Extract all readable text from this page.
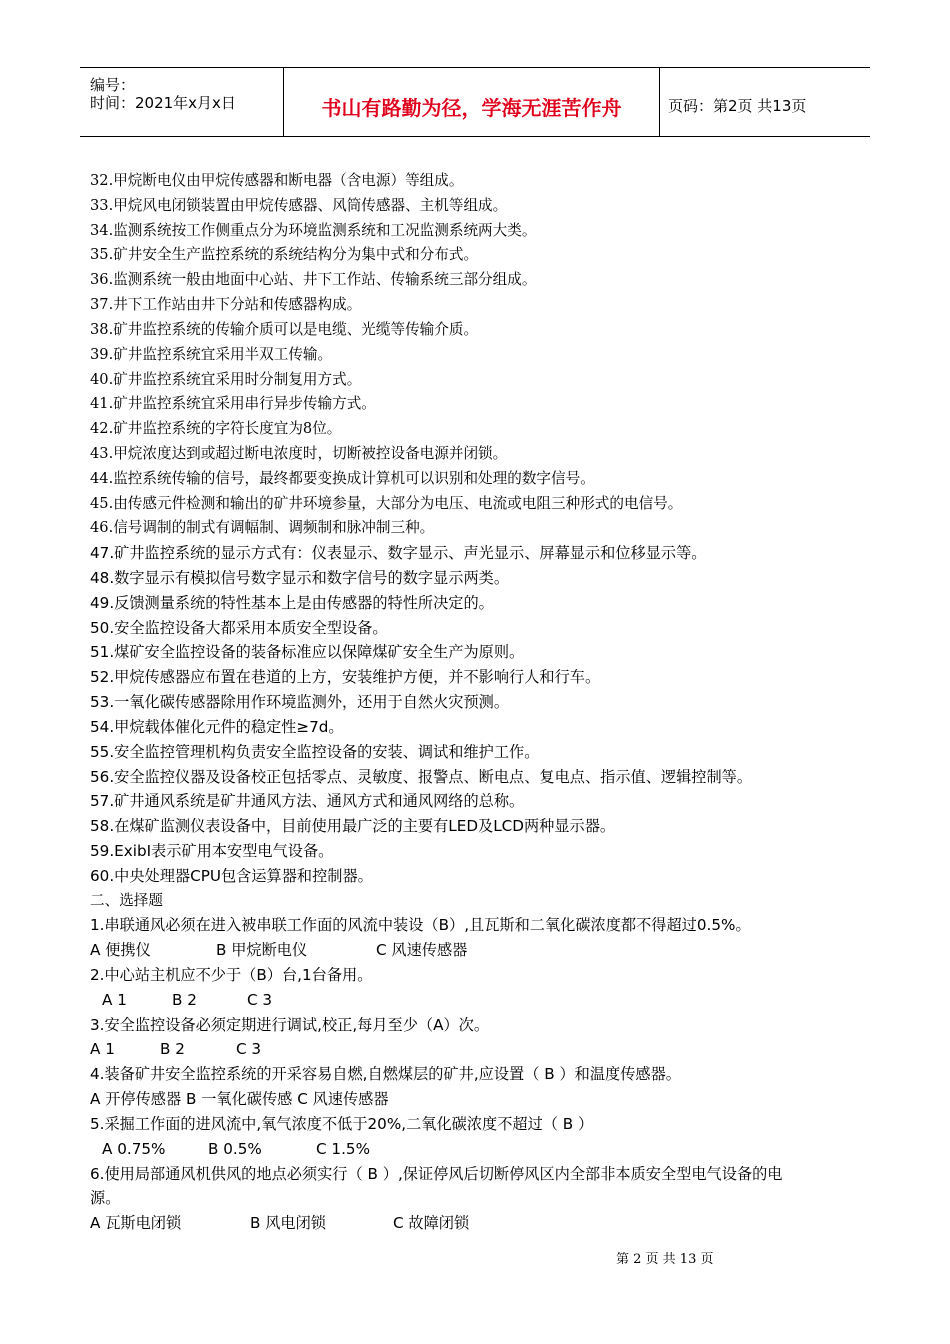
编号：
时间：2021年x月x日	书山有路勤为径，学海无涯苦作舟	页码：第2页 共13页
32.甲烷断电仪由甲烷传感器和断电器（含电源）等组成。
33.甲烷风电闭锁装置由甲烷传感器、风筒传感器、主机等组成。
34.监测系统按工作侧重点分为环境监测系统和工况监测系统两大类。
35.矿井安全生产监控系统的系统结构分为集中式和分布式。
36.监测系统一般由地面中心站、井下工作站、传输系统三部分组成。
37.井下工作站由井下分站和传感器构成。
38.矿井监控系统的传输介质可以是电缆、光缆等传输介质。
39.矿井监控系统宜采用半双工传输。
40.矿井监控系统宜采用时分制复用方式。
41.矿井监控系统宜采用串行异步传输方式。
42.矿井监控系统的字符长度宜为8位。
43.甲烷浓度达到或超过断电浓度时，切断被控设备电源并闭锁。
44.监控系统传输的信号，最终都要变换成计算机可以识别和处理的数字信号。
45.由传感元件检测和输出的矿井环境参量，大部分为电压、电流或电阻三种形式的电信号。
46.信号调制的制式有调幅制、调频制和脉冲制三种。
47.矿井监控系统的显示方式有：仪表显示、数字显示、声光显示、屏幕显示和位移显示等。
48.数字显示有模拟信号数字显示和数字信号的数字显示两类。
49.反馈测量系统的特性基本上是由传感器的特性所决定的。
50.安全监控设备大都采用本质安全型设备。
51.煤矿安全监控设备的装备标准应以保障煤矿安全生产为原则。
52.甲烷传感器应布置在巷道的上方，安装维护方便，并不影响行人和行车。
53.一氧化碳传感器除用作环境监测外，还用于自然火灾预测。
54.甲烷载体催化元件的稳定性≥7d。
55.安全监控管理机构负责安全监控设备的安装、调试和维护工作。
56.安全监控仪器及设备校正包括零点、灵敏度、报警点、断电点、复电点、指示值、逻辑控制等。
57.矿井通风系统是矿井通风方法、通风方式和通风网络的总称。
58.在煤矿监测仪表设备中，目前使用最广泛的主要有LED及LCD两种显示器。
59.ExibⅠ表示矿用本安型电气设备。
60.中央处理器CPU包含运算器和控制器。
二、选择题
1.串联通风必须在进入被串联工作面的风流中装设（B）,且瓦斯和二氧化碳浓度都不得超过0.5%。
A 便携仪	B 甲烷断电仪	C 风速传感器
2.中心站主机应不少于（B）台,1台备用。
A 1	B 2	C 3
3.安全监控设备必须定期进行调试,校正,每月至少（A）次。
A 1	B 2	C 3
4.装备矿井安全监控系统的开采容易自燃,自燃煤层的矿井,应设置（ B ）和温度传感器。
A 开停传感器 B 一氧化碳传感 C 风速传感器
5.采掘工作面的进风流中,氧气浓度不低于20%,二氧化碳浓度不超过（ B ）
A 0.75%	B 0.5%	C 1.5%
6.使用局部通风机供风的地点必须实行（ B ）,保证停风后切断停风区内全部非本质安全型电气设备的电
源。
A 瓦斯电闭锁	B 风电闭锁	C 故障闭锁
第 2 页 共 13 页
